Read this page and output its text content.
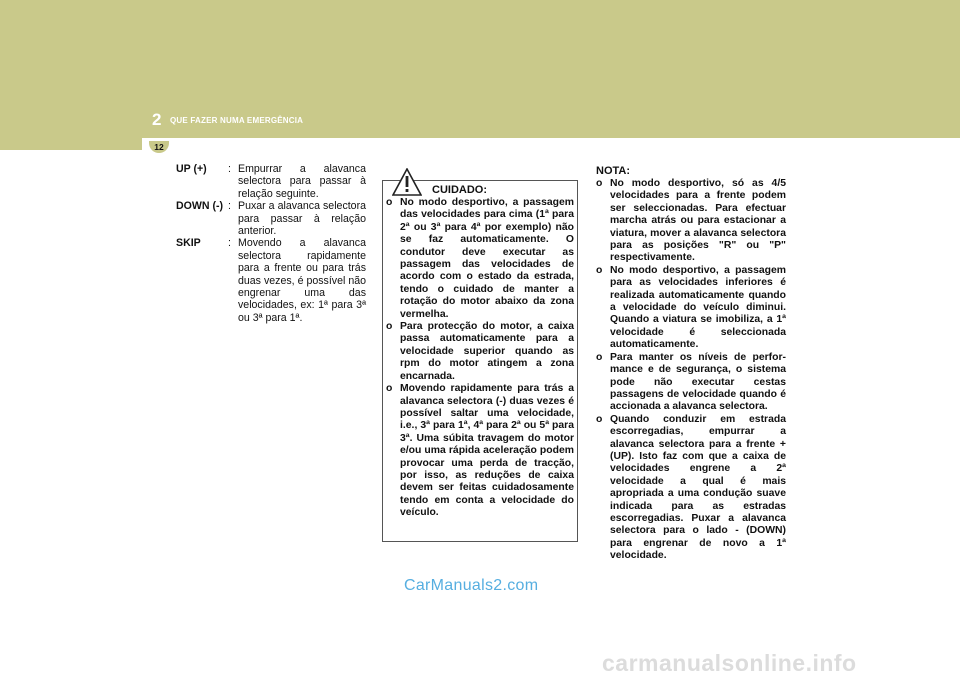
2 QUE FAZER NUMA EMERGÊNCIA
12
UP (+)	: Empurrar a alavanca selectora para passar à relação seguinte.
DOWN (-) : Puxar a alavanca selectora para passar à relação anterior.
SKIP	: Movendo a alavanca selectora rapidamente para a frente ou para trás duas vezes, é possível não engrenar uma das velocidades, ex: 1ª para 3ª ou 3ª para 1ª.
CUIDADO:
o No modo desportivo, a passagem das velocidades para cima (1ª para 2ª ou 3ª para 4ª por exemplo) não se faz automaticamente. O condutor deve executar as passagem das velocidades de acordo com o estado da estrada, tendo o cuidado de manter a rotação do motor abaixo da zona vermelha.
o Para protecção do motor, a caixa passa automaticamente para a velocidade superior quando as rpm do motor atingem a zona encarnada.
o Movendo rapidamente para trás a alavanca selectora (-) duas vezes é possível saltar uma velocidade, i.e., 3ª para 1ª, 4ª para 2ª ou 5ª para 3ª. Uma súbita travagem do motor e/ou uma rápida aceleração podem provocar uma perda de tracção, por isso, as reduções de caixa devem ser feitas cuidadosamente tendo em conta a velocidade do veículo.
NOTA:
o No modo desportivo, só as 4/5 velocidades para a frente podem ser seleccionadas. Para efectuar marcha atrás ou para estacionar a viatura, mover a alavanca selectora para as posições "R" ou "P" respectivamente.
o No modo desportivo, a passagem para as velocidades inferiores é realizada automaticamente quando a velocidade do veículo diminui. Quando a viatura se imobiliza, a 1ª velocidade é seleccionada automaticamente.
o Para manter os níveis de perfor-mance e de segurança, o sistema pode não executar cestas passagens de velocidade quando é accionada a alavanca selectora.
o Quando conduzir em estrada escorregadias, empurrar a alavanca selectora para a frente + (UP). Isto faz com que a caixa de velocidades engrene a 2ª velocidade a qual é mais apropriada a uma condução suave indicada para as estradas escorregadias. Puxar a alavanca selectora para o lado - (DOWN) para engrenar de novo a 1ª velocidade.
CarManuals2.com
carmanualsonline.info
